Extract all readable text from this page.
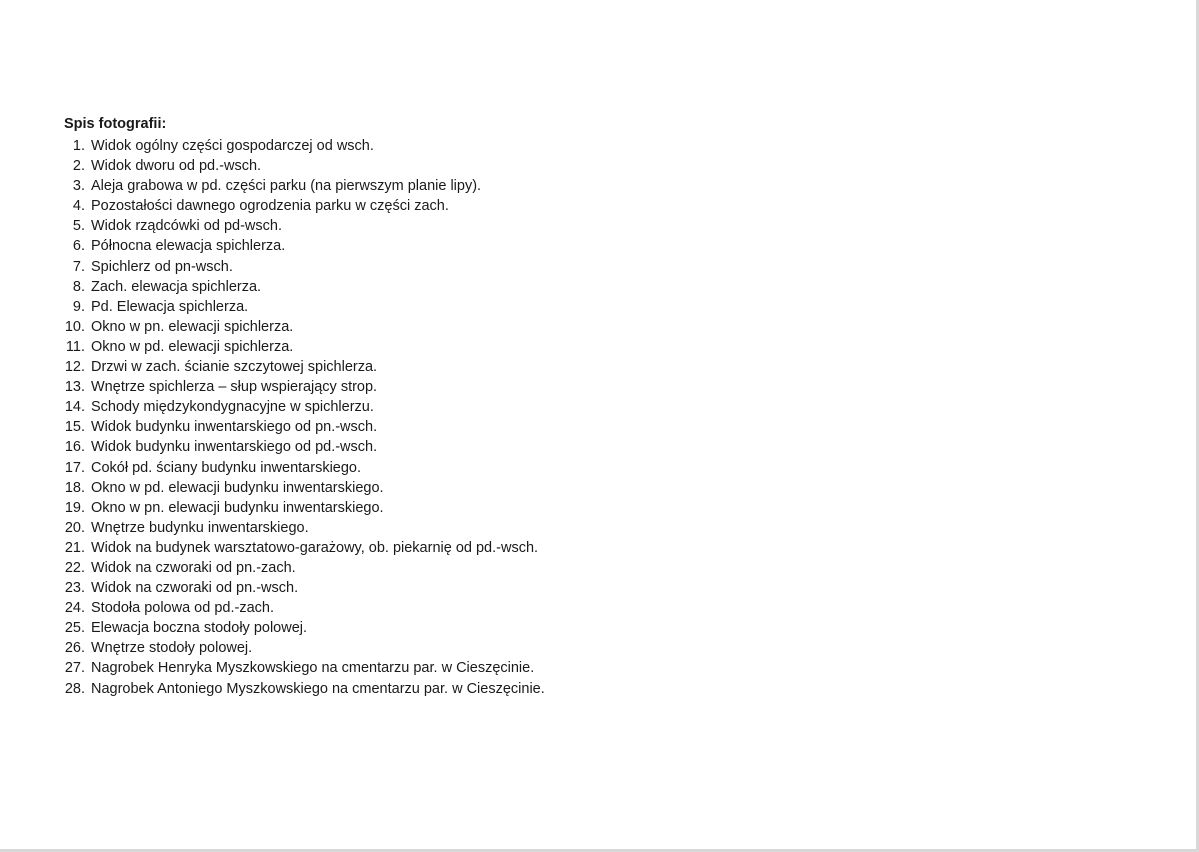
Spis fotografii:
1. Widok ogólny części gospodarczej od wsch.
2. Widok dworu od pd.-wsch.
3. Aleja grabowa w pd. części parku (na pierwszym planie lipy).
4. Pozostałości dawnego ogrodzenia parku w części zach.
5. Widok rządcówki od pd-wsch.
6. Północna elewacja spichlerza.
7. Spichlerz od pn-wsch.
8. Zach. elewacja spichlerza.
9. Pd. Elewacja spichlerza.
10. Okno w pn. elewacji spichlerza.
11. Okno w pd. elewacji spichlerza.
12. Drzwi w zach. ścianie szczytowej spichlerza.
13. Wnętrze spichlerza – słup wspierający strop.
14. Schody międzykondygnacyjne w spichlerzu.
15. Widok budynku inwentarskiego od pn.-wsch.
16. Widok budynku inwentarskiego od pd.-wsch.
17. Cokół pd. ściany budynku inwentarskiego.
18. Okno w pd. elewacji budynku inwentarskiego.
19. Okno w pn. elewacji budynku inwentarskiego.
20. Wnętrze budynku inwentarskiego.
21. Widok na budynek warsztatowo-garażowy, ob. piekarnię od pd.-wsch.
22. Widok na czworaki od pn.-zach.
23. Widok na czworaki od pn.-wsch.
24. Stodoła polowa od pd.-zach.
25. Elewacja boczna stodoły polowej.
26. Wnętrze stodoły polowej.
27. Nagrobek Henryka Myszkowskiego na cmentarzu par. w Cieszęcinie.
28. Nagrobek Antoniego Myszkowskiego na cmentarzu par. w Cieszęcinie.
